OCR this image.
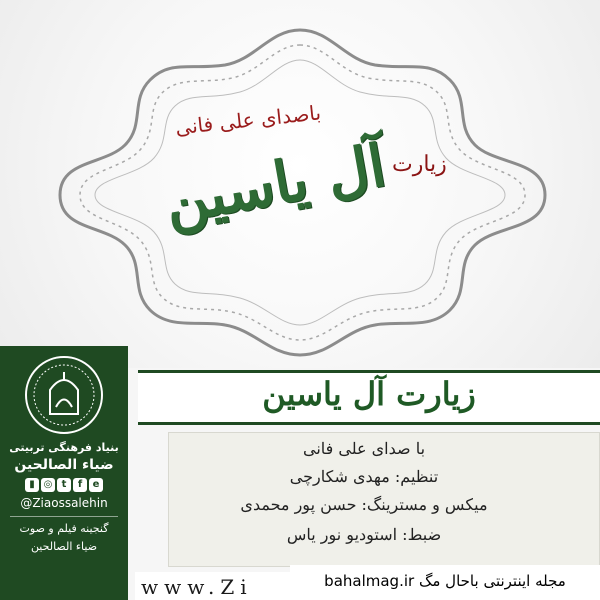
باصدای علی فانی
زیارت
آل یاسین
بنیاد فرهنگی تربیتی
ضیاء الصالحین
▮ ◎ t f e
@Ziaossalehin
گنجینه فیلم و صوت
ضیاء الصالحین
زیارت آل یاسین
با صدای علی فانی
تنظیم: مهدی شکارچی
میکس و مسترینگ: حسن پور محمدی
ضبط: استودیو نور یاس
www.Zi	مجله اینترنتی باحال مگ bahalmag.ir
